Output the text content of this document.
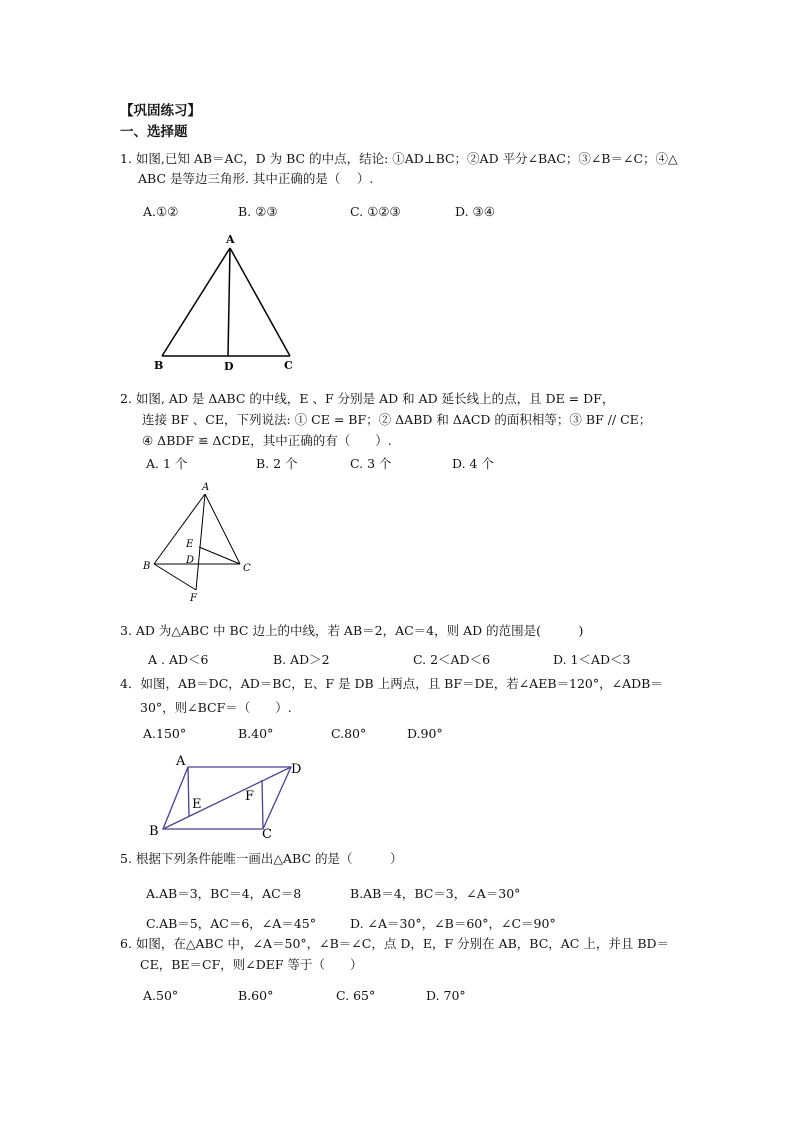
【巩固练习】
一、选择题
1. 如图,已知 AB＝AC，D 为 BC 的中点，结论: ①AD⊥BC；②AD 平分∠BAC；③∠B＝∠C；④△
ABC 是等边三角形. 其中正确的是（　 ）.
A.①②	B. ②③	C. ①②③	D. ③④
A
B	D	C
2. 如图, AD 是 ΔABC 的中线，E 、F 分别是 AD 和 AD 延长线上的点，且 DE = DF，
连接 BF 、CE，下列说法: ① CE = BF；② ΔABD 和 ΔACD 的面积相等；③ BF // CE；
④ ΔBDF ≌ ΔCDE，其中正确的有（　　）.
A. 1 个	B. 2 个	C. 3 个	D. 4 个
A
E
D
B	C
F
3. AD 为△ABC 中 BC 边上的中线，若 AB＝2，AC＝4，则 AD 的范围是(　　　)
A . AD＜6	B. AD＞2	C. 2＜AD＜6	D. 1＜AD＜3
4．如图，AB＝DC，AD＝BC，E、F 是 DB 上两点，且 BF＝DE，若∠AEB＝120°，∠ADB＝
30°，则∠BCF＝（　　）.
A.150°	B.40°	C.80°	D.90°
A
D
E
F
B	C
5. 根据下列条件能唯一画出△ABC 的是（　　　）
A.AB＝3，BC＝4，AC＝8	B.AB＝4，BC＝3，∠A＝30°
C.AB＝5，AC＝6，∠A＝45°	D. ∠A＝30°，∠B＝60°，∠C＝90°
6. 如图，在△ABC 中，∠A＝50°，∠B＝∠C，点 D，E，F 分别在 AB，BC，AC 上，并且 BD＝
CE，BE＝CF，则∠DEF 等于（　　）
A.50°	B.60°	C. 65°	D. 70°
